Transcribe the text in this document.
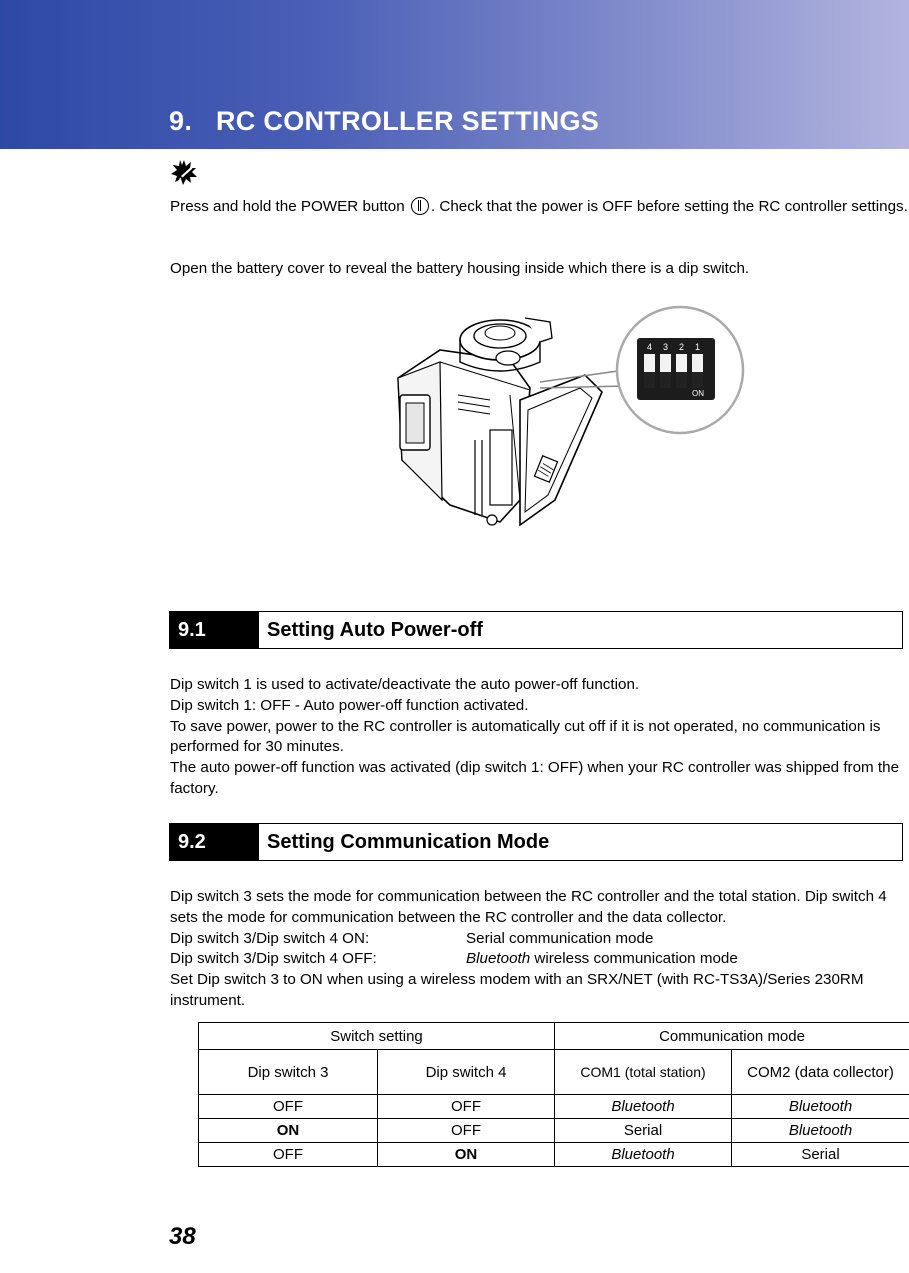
9. RC CONTROLLER SETTINGS

Press and hold the POWER button . Check that the power is OFF before setting the RC controller settings.

Open the battery cover to reveal the battery housing inside which there is a dip switch.

4 3 2 1
ON
9.1	Setting Auto Power-off
Dip switch 1 is used to activate/deactivate the auto power-off function.
Dip switch 1: OFF - Auto power-off function activated.
To save power, power to the RC controller is automatically cut off if it is not operated, no communication is performed for 30 minutes.
The auto power-off function was activated (dip switch 1: OFF) when your RC controller was shipped from the factory.
9.2	Setting Communication Mode
Dip switch 3 sets the mode for communication between the RC controller and the total station. Dip switch 4 sets the mode for communication between the RC controller and the data collector.
Dip switch 3/Dip switch 4 ON:	Serial communication mode
Dip switch 3/Dip switch 4 OFF:	Bluetooth wireless communication mode
Set Dip switch 3 to ON when using a wireless modem with an SRX/NET (with RC-TS3A)/Series 230RM instrument.
Switch setting		Communication mode	
Dip switch 3	Dip switch 4	COM1 (total station)	COM2 (data collector)
OFF	OFF	Bluetooth	Bluetooth
ON	OFF	Serial	Bluetooth
OFF	ON	Bluetooth	Serial
38
